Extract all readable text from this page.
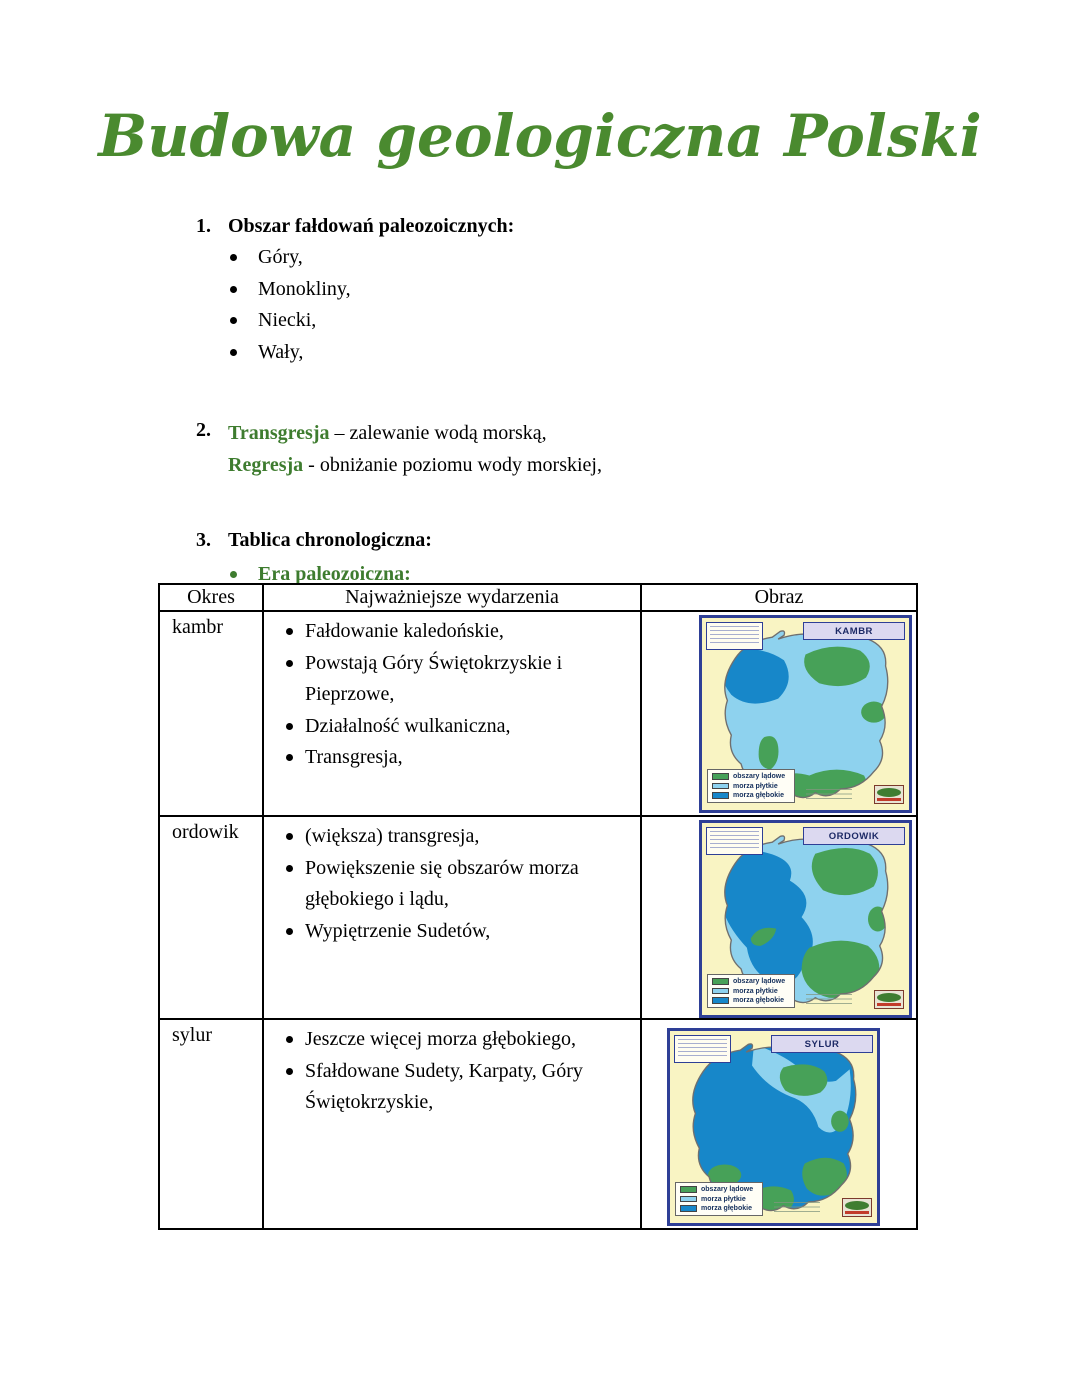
Budowa geologiczna Polski
1. Obszar fałdowań paleozoicznych:
Góry,
Monokliny,
Niecki,
Wały,
2. Transgresja – zalewanie wodą morską,
Regresja - obniżanie poziomu wody morskiej,
3. Tablica chronologiczna:
Era paleozoiczna:
Okres	Najważniejsze wydarzenia	Obraz
kambr	Fałdowanie kaledońskie,
Powstają Góry Świętokrzyskie i Pieprzowe,
Działalność wulkaniczna,
Transgresja,

KAMBR
obszary lądowe
morza płytkie
morza głębokie

ordowik	(większa) transgresja,
Powiększenie się obszarów morza głębokiego i lądu,
Wypiętrzenie Sudetów,

ORDOWIK
obszary lądowe
morza płytkie
morza głębokie

sylur	Jeszcze więcej morza głębokiego,
Sfałdowane Sudety, Karpaty, Góry Świętokrzyskie,

SYLUR
obszary lądowe
morza płytkie
morza głębokie
